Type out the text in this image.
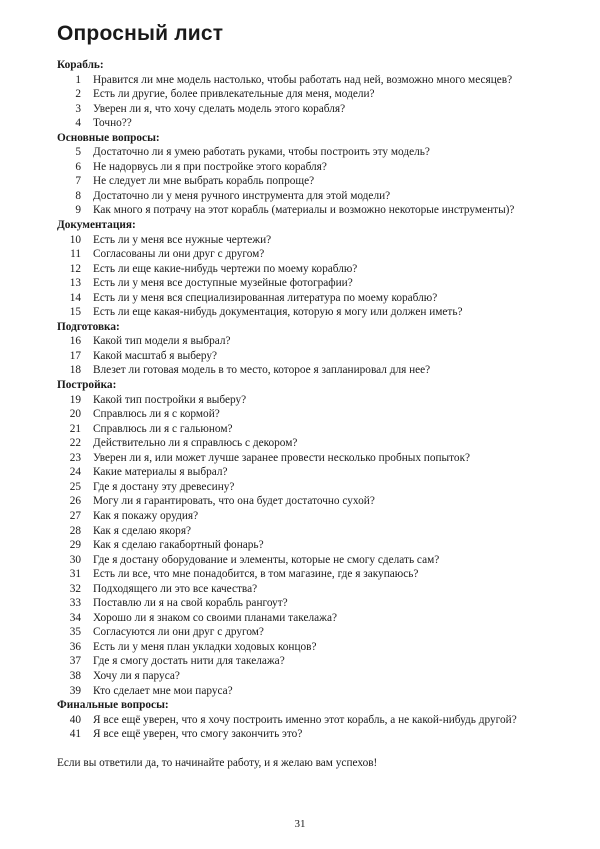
Опросный лист
Корабль:
1 Нравится ли мне модель настолько, чтобы работать над ней, возможно много месяцев?
2 Есть ли другие, более привлекательные для меня, модели?
3 Уверен ли я, что хочу сделать модель этого корабля?
4 Точно??
Основные вопросы:
5 Достаточно ли я умею работать руками, чтобы построить эту модель?
6 Не надорвусь ли я при постройке этого корабля?
7 Не следует ли мне выбрать корабль попроще?
8 Достаточно ли у меня ручного инструмента для этой модели?
9 Как много я потрачу на этот корабль (материалы и возможно некоторые инструменты)?
Документация:
10 Есть ли у меня все нужные чертежи?
11 Согласованы ли они друг с другом?
12 Есть ли еще какие-нибудь чертежи по моему кораблю?
13 Есть ли у меня все доступные музейные фотографии?
14 Есть ли у меня вся специализированная литература по моему кораблю?
15 Есть ли еще какая-нибудь документация, которую я могу или должен иметь?
Подготовка:
16 Какой тип модели я выбрал?
17 Какой масштаб я выберу?
18 Влезет ли готовая модель в то место, которое я запланировал для нее?
Постройка:
19 Какой тип постройки я выберу?
20 Справлюсь ли я с кормой?
21 Справлюсь ли я с гальюном?
22 Действительно ли я справлюсь с декором?
23 Уверен ли я, или может лучше заранее провести несколько пробных попыток?
24 Какие материалы я выбрал?
25 Где я достану эту древесину?
26 Могу ли я гарантировать, что она будет достаточно сухой?
27 Как я покажу орудия?
28 Как я сделаю якоря?
29 Как я сделаю гакабортный фонарь?
30 Где я достану оборудование и элементы, которые не смогу сделать сам?
31 Есть ли все, что мне понадобится, в том магазине, где я закупаюсь?
32 Подходящего ли это все качества?
33 Поставлю ли я на свой корабль рангоут?
34 Хорошо ли я знаком со своими планами такелажа?
35 Согласуются ли они друг с другом?
36 Есть ли у меня план укладки ходовых концов?
37 Где я смогу достать нити для такелажа?
38 Хочу ли я паруса?
39 Кто сделает мне мои паруса?
Финальные вопросы:
40 Я все ещё уверен, что я хочу построить именно этот корабль, а не какой-нибудь другой?
41 Я все ещё уверен, что смогу закончить это?
Если вы ответили да, то начинайте работу, и я желаю вам успехов!
31
